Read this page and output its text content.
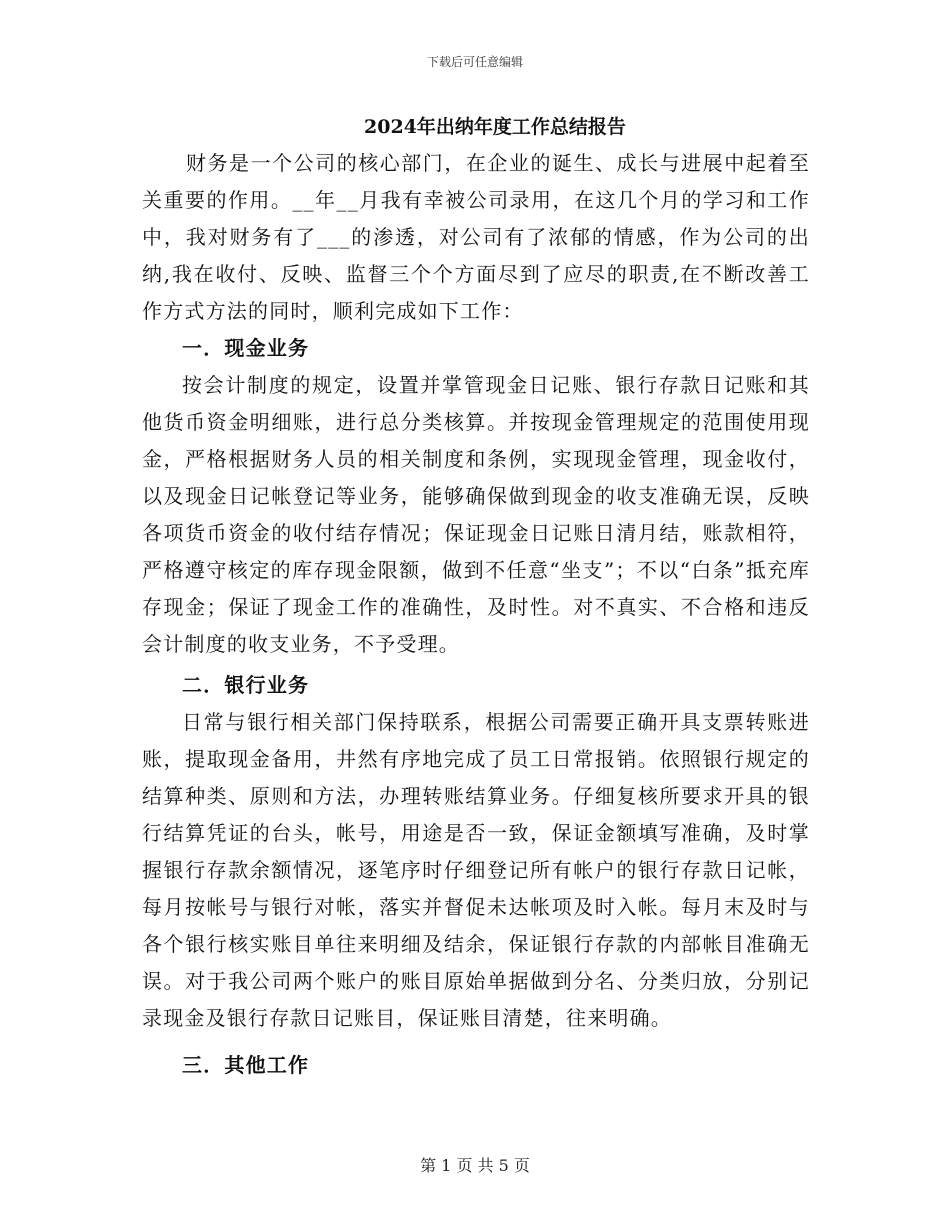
下载后可任意编辑
2024年出纳年度工作总结报告

财务是一个公司的核心部门，在企业的诞生、成长与进展中起着至关重要的作用。__年__月我有幸被公司录用，在这几个月的学习和工作中，我对财务有了___的渗透，对公司有了浓郁的情感，作为公司的出纳,我在收付、反映、监督三个个方面尽到了应尽的职责,在不断改善工作方式方法的同时，顺利完成如下工作：

一．现金业务

按会计制度的规定，设置并掌管现金日记账、银行存款日记账和其他货币资金明细账，进行总分类核算。并按现金管理规定的范围使用现金，严格根据财务人员的相关制度和条例，实现现金管理，现金收付，以及现金日记帐登记等业务，能够确保做到现金的收支准确无误，反映各项货币资金的收付结存情况；保证现金日记账日清月结，账款相符，严格遵守核定的库存现金限额，做到不任意“坐支”；不以“白条”抵充库存现金；保证了现金工作的准确性，及时性。对不真实、不合格和违反会计制度的收支业务，不予受理。

二．银行业务

日常与银行相关部门保持联系，根据公司需要正确开具支票转账进账，提取现金备用，井然有序地完成了员工日常报销。依照银行规定的结算种类、原则和方法，办理转账结算业务。仔细复核所要求开具的银行结算凭证的台头，帐号，用途是否一致，保证金额填写准确，及时掌握银行存款余额情况，逐笔序时仔细登记所有帐户的银行存款日记帐，每月按帐号与银行对帐，落实并督促未达帐项及时入帐。每月末及时与各个银行核实账目单往来明细及结余，保证银行存款的内部帐目准确无误。对于我公司两个账户的账目原始单据做到分名、分类归放，分别记录现金及银行存款日记账目，保证账目清楚，往来明确。

三．其他工作
第 1 页 共 5 页
